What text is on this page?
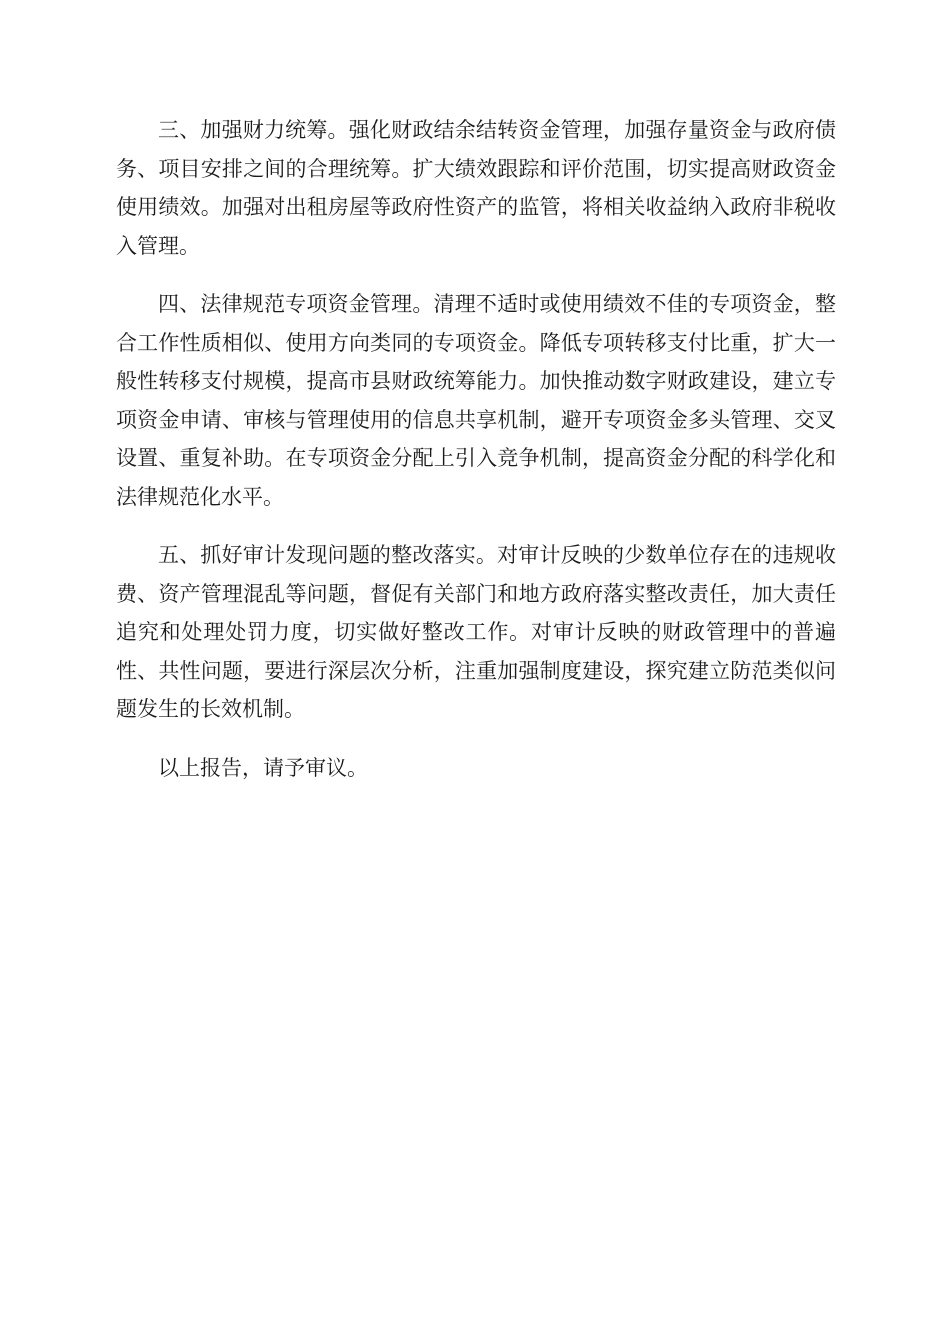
三、加强财力统筹。强化财政结余结转资金管理，加强存量资金与政府债务、项目安排之间的合理统筹。扩大绩效跟踪和评价范围，切实提高财政资金使用绩效。加强对出租房屋等政府性资产的监管，将相关收益纳入政府非税收入管理。

四、法律规范专项资金管理。清理不适时或使用绩效不佳的专项资金，整合工作性质相似、使用方向类同的专项资金。降低专项转移支付比重，扩大一般性转移支付规模，提高市县财政统筹能力。加快推动数字财政建设，建立专项资金申请、审核与管理使用的信息共享机制，避开专项资金多头管理、交叉设置、重复补助。在专项资金分配上引入竞争机制，提高资金分配的科学化和法律规范化水平。

五、抓好审计发现问题的整改落实。对审计反映的少数单位存在的违规收费、资产管理混乱等问题，督促有关部门和地方政府落实整改责任，加大责任追究和处理处罚力度，切实做好整改工作。对审计反映的财政管理中的普遍性、共性问题，要进行深层次分析，注重加强制度建设，探究建立防范类似问题发生的长效机制。

以上报告，请予审议。
